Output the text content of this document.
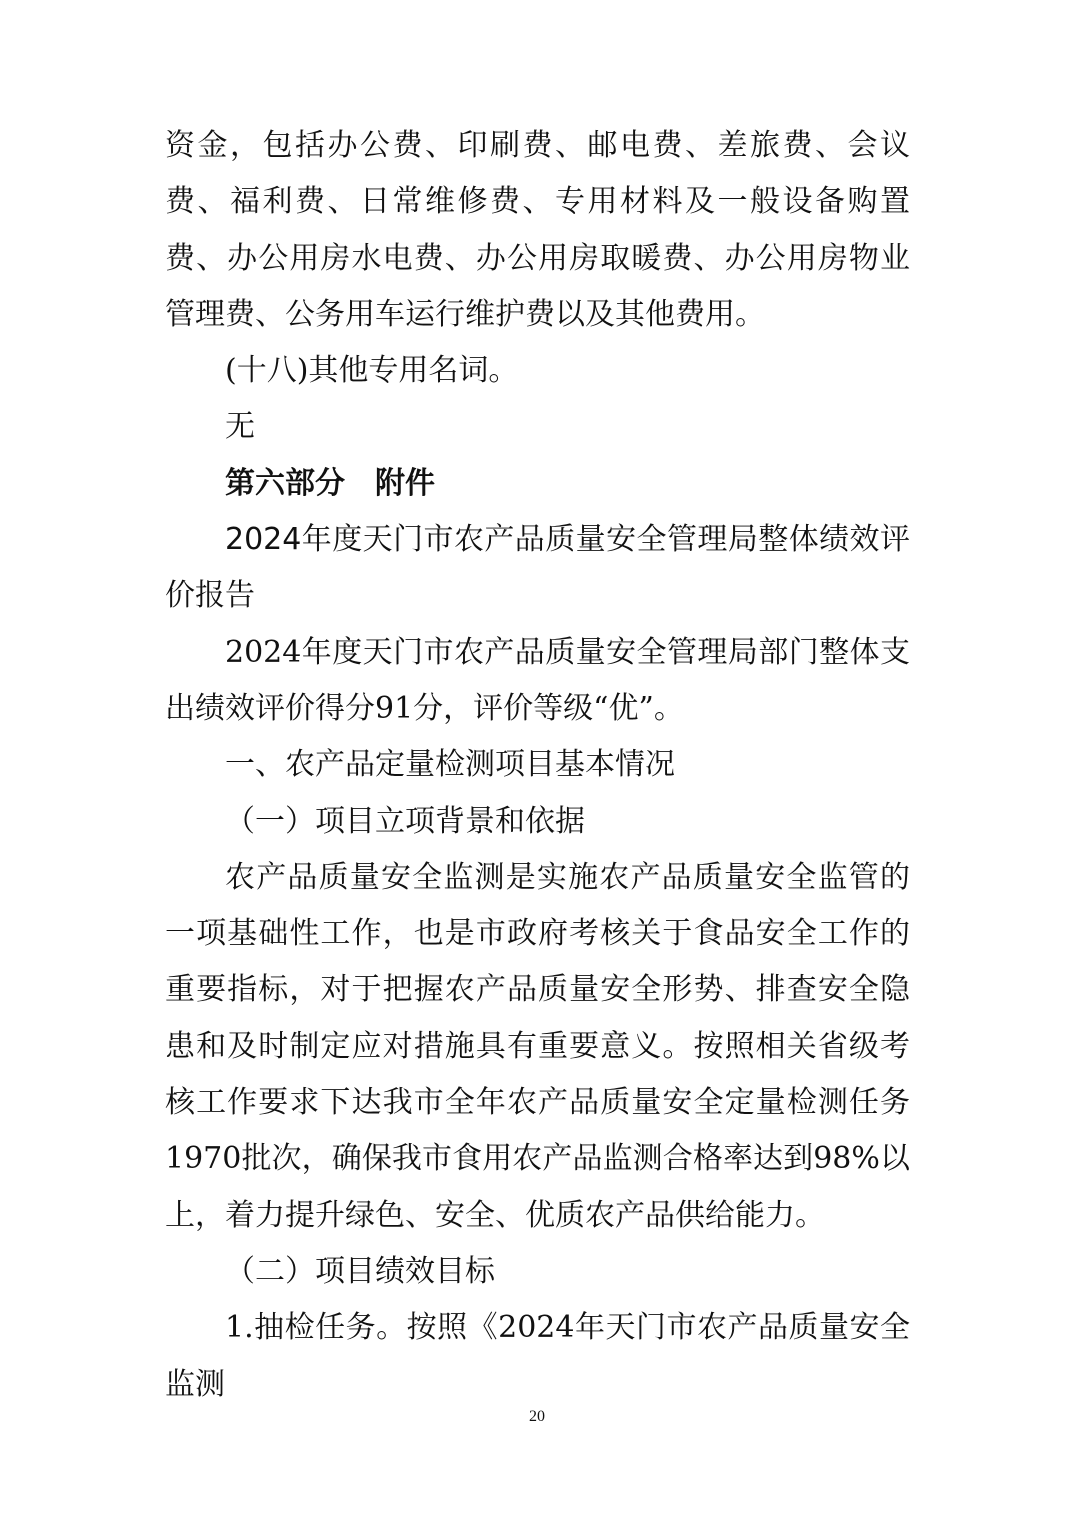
资金，包括办公费、印刷费、邮电费、差旅费、会议费、福利费、日常维修费、专用材料及一般设备购置费、办公用房水电费、办公用房取暖费、办公用房物业管理费、公务用车运行维护费以及其他费用。

(十八)其他专用名词。

无

第六部分　附件

2024年度天门市农产品质量安全管理局整体绩效评价报告

2024年度天门市农产品质量安全管理局部门整体支出绩效评价得分91分，评价等级“优”。

一、农产品定量检测项目基本情况

（一）项目立项背景和依据

农产品质量安全监测是实施农产品质量安全监管的一项基础性工作，也是市政府考核关于食品安全工作的重要指标，对于把握农产品质量安全形势、排查安全隐患和及时制定应对措施具有重要意义。按照相关省级考核工作要求下达我市全年农产品质量安全定量检测任务1970批次，确保我市食用农产品监测合格率达到98%以上，着力提升绿色、安全、优质农产品供给能力。

（二）项目绩效目标

1.抽检任务。按照《2024年天门市农产品质量安全监测

20
